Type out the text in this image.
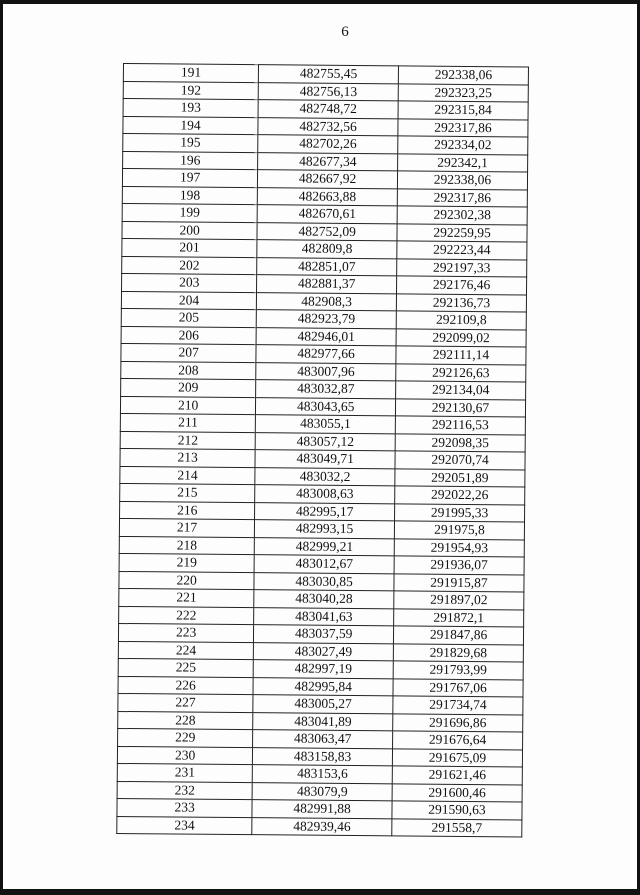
6
191	482755,45	292338,06
192	482756,13	292323,25
193	482748,72	292315,84
194	482732,56	292317,86
195	482702,26	292334,02
196	482677,34	292342,1
197	482667,92	292338,06
198	482663,88	292317,86
199	482670,61	292302,38
200	482752,09	292259,95
201	482809,8	292223,44
202	482851,07	292197,33
203	482881,37	292176,46
204	482908,3	292136,73
205	482923,79	292109,8
206	482946,01	292099,02
207	482977,66	292111,14
208	483007,96	292126,63
209	483032,87	292134,04
210	483043,65	292130,67
211	483055,1	292116,53
212	483057,12	292098,35
213	483049,71	292070,74
214	483032,2	292051,89
215	483008,63	292022,26
216	482995,17	291995,33
217	482993,15	291975,8
218	482999,21	291954,93
219	483012,67	291936,07
220	483030,85	291915,87
221	483040,28	291897,02
222	483041,63	291872,1
223	483037,59	291847,86
224	483027,49	291829,68
225	482997,19	291793,99
226	482995,84	291767,06
227	483005,27	291734,74
228	483041,89	291696,86
229	483063,47	291676,64
230	483158,83	291675,09
231	483153,6	291621,46
232	483079,9	291600,46
233	482991,88	291590,63
234	482939,46	291558,7
